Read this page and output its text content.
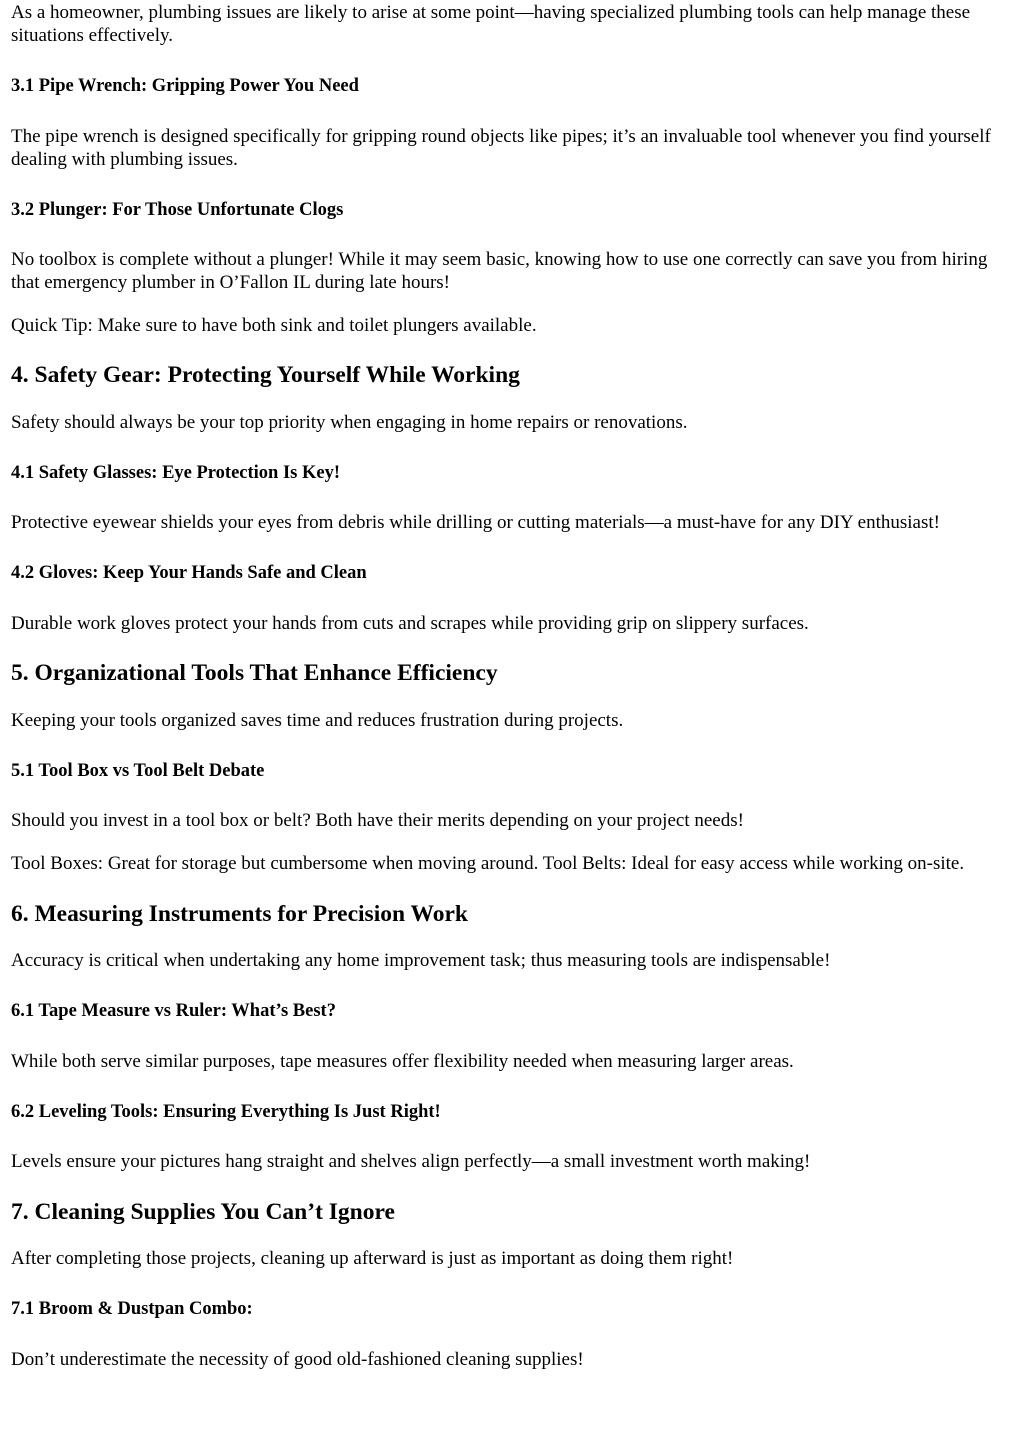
As a homeowner, plumbing issues are likely to arise at some point—having specialized plumbing tools can help manage these situations effectively.

3.1 Pipe Wrench: Gripping Power You Need

The pipe wrench is designed specifically for gripping round objects like pipes; it’s an invaluable tool whenever you find yourself dealing with plumbing issues.

3.2 Plunger: For Those Unfortunate Clogs

No toolbox is complete without a plunger! While it may seem basic, knowing how to use one correctly can save you from hiring that emergency plumber in O’Fallon IL during late hours!

Quick Tip: Make sure to have both sink and toilet plungers available.

4. Safety Gear: Protecting Yourself While Working

Safety should always be your top priority when engaging in home repairs or renovations.

4.1 Safety Glasses: Eye Protection Is Key!

Protective eyewear shields your eyes from debris while drilling or cutting materials—a must-have for any DIY enthusiast!

4.2 Gloves: Keep Your Hands Safe and Clean

Durable work gloves protect your hands from cuts and scrapes while providing grip on slippery surfaces.

5. Organizational Tools That Enhance Efficiency

Keeping your tools organized saves time and reduces frustration during projects.

5.1 Tool Box vs Tool Belt Debate

Should you invest in a tool box or belt? Both have their merits depending on your project needs!

Tool Boxes: Great for storage but cumbersome when moving around. Tool Belts: Ideal for easy access while working on-site.

6. Measuring Instruments for Precision Work

Accuracy is critical when undertaking any home improvement task; thus measuring tools are indispensable!

6.1 Tape Measure vs Ruler: What’s Best?

While both serve similar purposes, tape measures offer flexibility needed when measuring larger areas.

6.2 Leveling Tools: Ensuring Everything Is Just Right!

Levels ensure your pictures hang straight and shelves align perfectly—a small investment worth making!

7. Cleaning Supplies You Can’t Ignore

After completing those projects, cleaning up afterward is just as important as doing them right!

7.1 Broom & Dustpan Combo:

Don’t underestimate the necessity of good old-fashioned cleaning supplies!
